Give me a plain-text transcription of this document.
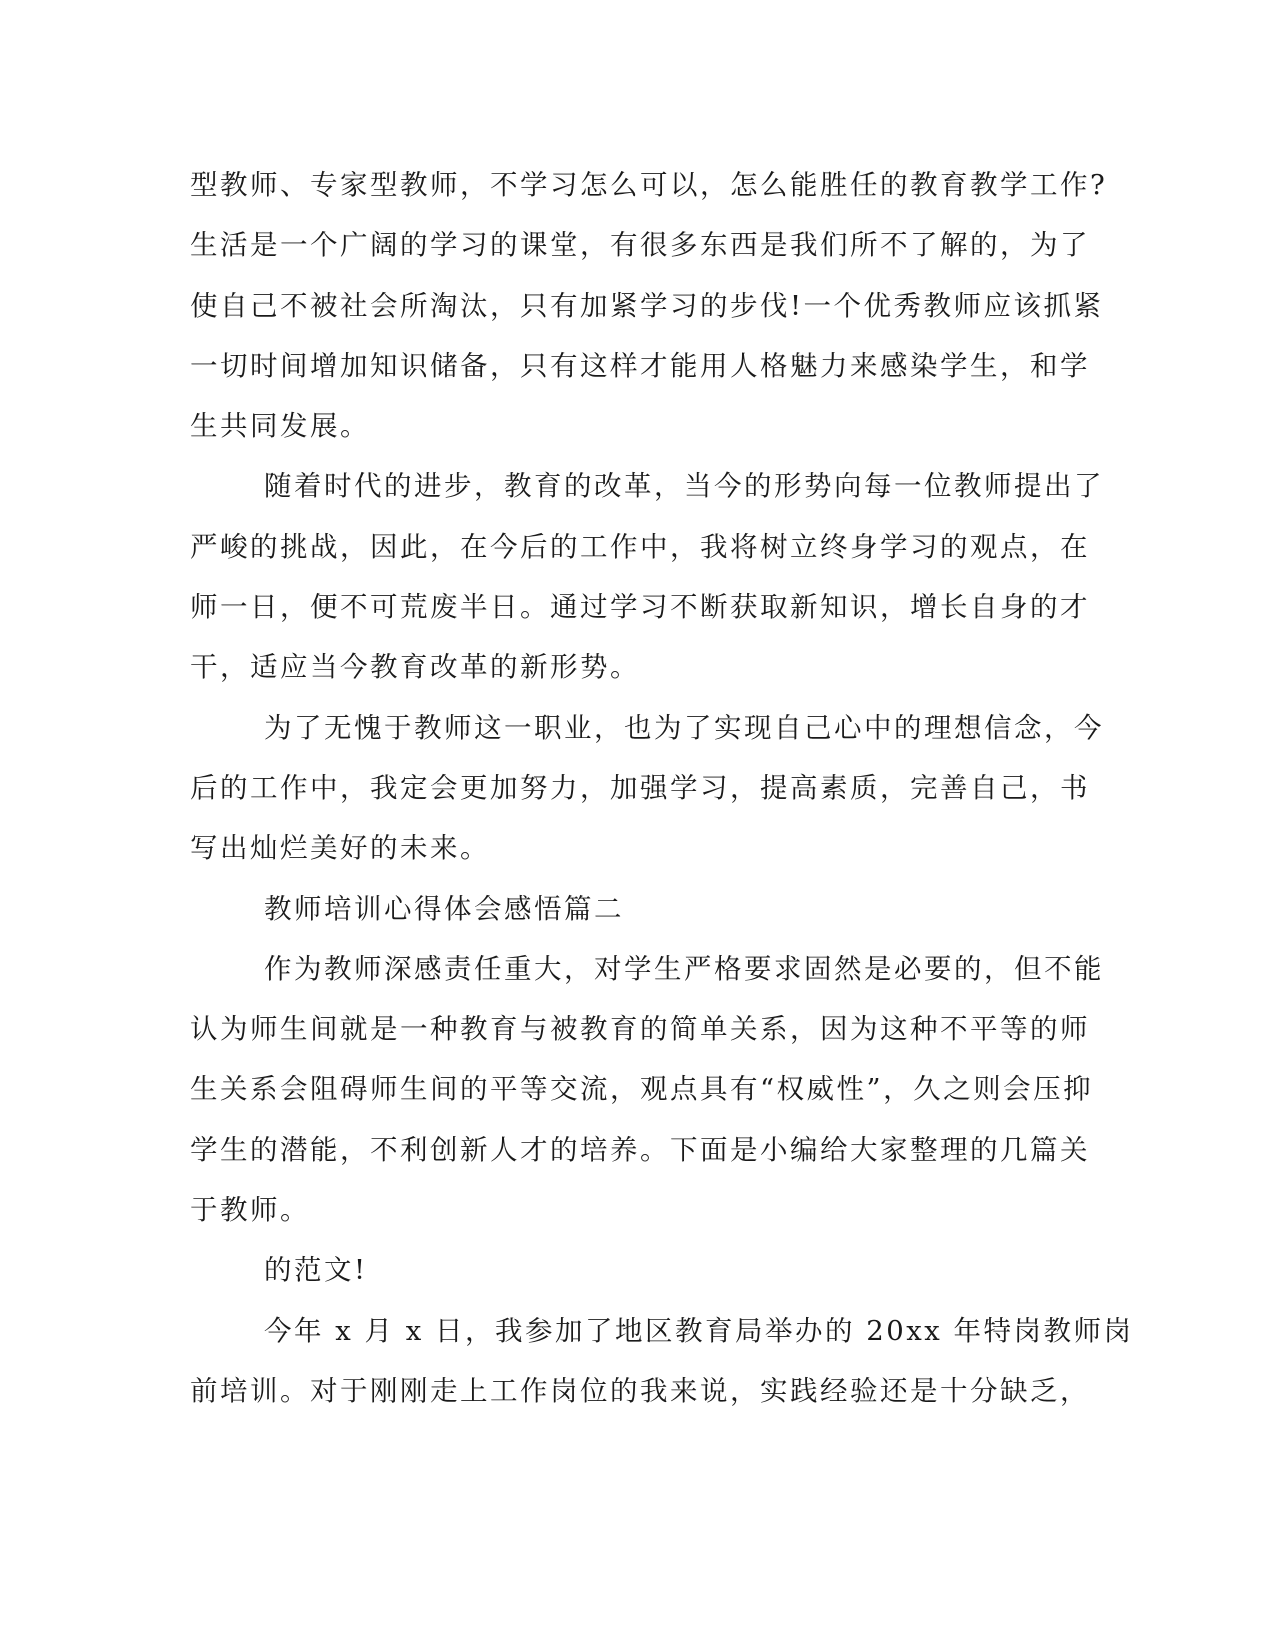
型教师、专家型教师，不学习怎么可以，怎么能胜任的教育教学工作?
生活是一个广阔的学习的课堂，有很多东西是我们所不了解的，为了
使自己不被社会所淘汰，只有加紧学习的步伐!一个优秀教师应该抓紧
一切时间增加知识储备，只有这样才能用人格魅力来感染学生，和学
生共同发展。
随着时代的进步，教育的改革，当今的形势向每一位教师提出了
严峻的挑战，因此，在今后的工作中，我将树立终身学习的观点，在
师一日，便不可荒废半日。通过学习不断获取新知识，增长自身的才
干，适应当今教育改革的新形势。
为了无愧于教师这一职业，也为了实现自己心中的理想信念，今
后的工作中，我定会更加努力，加强学习，提高素质，完善自己，书
写出灿烂美好的未来。
教师培训心得体会感悟篇二
作为教师深感责任重大，对学生严格要求固然是必要的，但不能
认为师生间就是一种教育与被教育的简单关系，因为这种不平等的师
生关系会阻碍师生间的平等交流，观点具有“权威性”，久之则会压抑
学生的潜能，不利创新人才的培养。下面是小编给大家整理的几篇关
于教师。
的范文!
今年 x 月 x 日，我参加了地区教育局举办的 20xx 年特岗教师岗
前培训。对于刚刚走上工作岗位的我来说，实践经验还是十分缺乏，
